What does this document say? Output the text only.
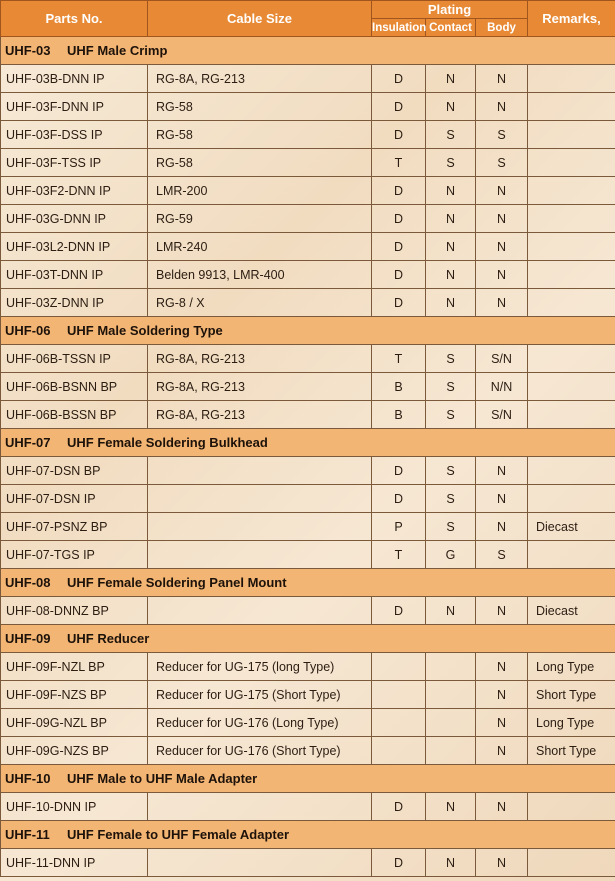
Parts No.	Cable Size	Plating			Remarks,
		Insulation	Contact	Body	
UHF-03 UHF Male Crimp					
UHF-03B-DNN IP	RG-8A, RG-213	D	N	N	
UHF-03F-DNN IP	RG-58	D	N	N	
UHF-03F-DSS IP	RG-58	D	S	S	
UHF-03F-TSS IP	RG-58	T	S	S	
UHF-03F2-DNN IP	LMR-200	D	N	N	
UHF-03G-DNN IP	RG-59	D	N	N	
UHF-03L2-DNN IP	LMR-240	D	N	N	
UHF-03T-DNN IP	Belden 9913, LMR-400	D	N	N	
UHF-03Z-DNN IP	RG-8 / X	D	N	N	
UHF-06 UHF Male Soldering Type					
UHF-06B-TSSN IP	RG-8A, RG-213	T	S	S/N	
UHF-06B-BSNN BP	RG-8A, RG-213	B	S	N/N	
UHF-06B-BSSN BP	RG-8A, RG-213	B	S	S/N	
UHF-07 UHF Female Soldering Bulkhead					
UHF-07-DSN BP		D	S	N	
UHF-07-DSN IP		D	S	N	
UHF-07-PSNZ BP		P	S	N	Diecast
UHF-07-TGS IP		T	G	S	
UHF-08 UHF Female Soldering Panel Mount					
UHF-08-DNNZ BP		D	N	N	Diecast
UHF-09 UHF Reducer					
UHF-09F-NZL BP	Reducer for UG-175 (long Type)			N	Long Type
UHF-09F-NZS BP	Reducer for UG-175 (Short Type)			N	Short Type
UHF-09G-NZL BP	Reducer for UG-176 (Long Type)			N	Long Type
UHF-09G-NZS BP	Reducer for UG-176 (Short Type)			N	Short Type
UHF-10 UHF Male to UHF Male Adapter					
UHF-10-DNN IP		D	N	N	
UHF-11 UHF Female to UHF Female Adapter					
UHF-11-DNN IP		D	N	N	
